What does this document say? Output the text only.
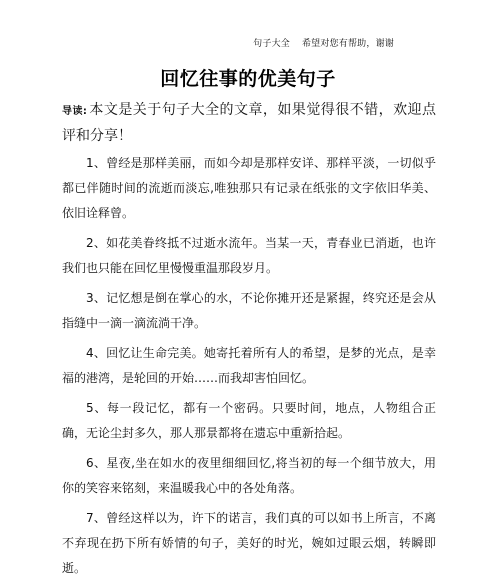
句子大全 希望对您有帮助，谢谢
回忆往事的优美句子

导读: 本文是关于句子大全的文章，如果觉得很不错，欢迎点评和分享！

1、曾经是那样美丽，而如今却是那样安详、那样平淡，一切似乎都已伴随时间的流逝而淡忘,唯独那只有记录在纸张的文字依旧华美、依旧诠释曾。

2、如花美眷终抵不过逝水流年。当某一天，青春业已消逝，也许我们也只能在回忆里慢慢重温那段岁月。

3、记忆想是倒在掌心的水，不论你摊开还是紧握，终究还是会从指缝中一滴一滴流淌干净。

4、回忆让生命完美。她寄托着所有人的希望，是梦的光点，是幸福的港湾，是轮回的开始……而我却害怕回忆。

5、每一段记忆，都有一个密码。只要时间，地点，人物组合正确，无论尘封多久，那人那景都将在遗忘中重新拾起。

6、星夜,坐在如水的夜里细细回忆,将当初的每一个细节放大，用你的笑容来铭刻，来温暖我心中的各处角落。

7、曾经这样以为，许下的诺言，我们真的可以如书上所言，不离不弃现在扔下所有娇情的句子，美好的时光，婉如过眼云烟，转瞬即逝。
